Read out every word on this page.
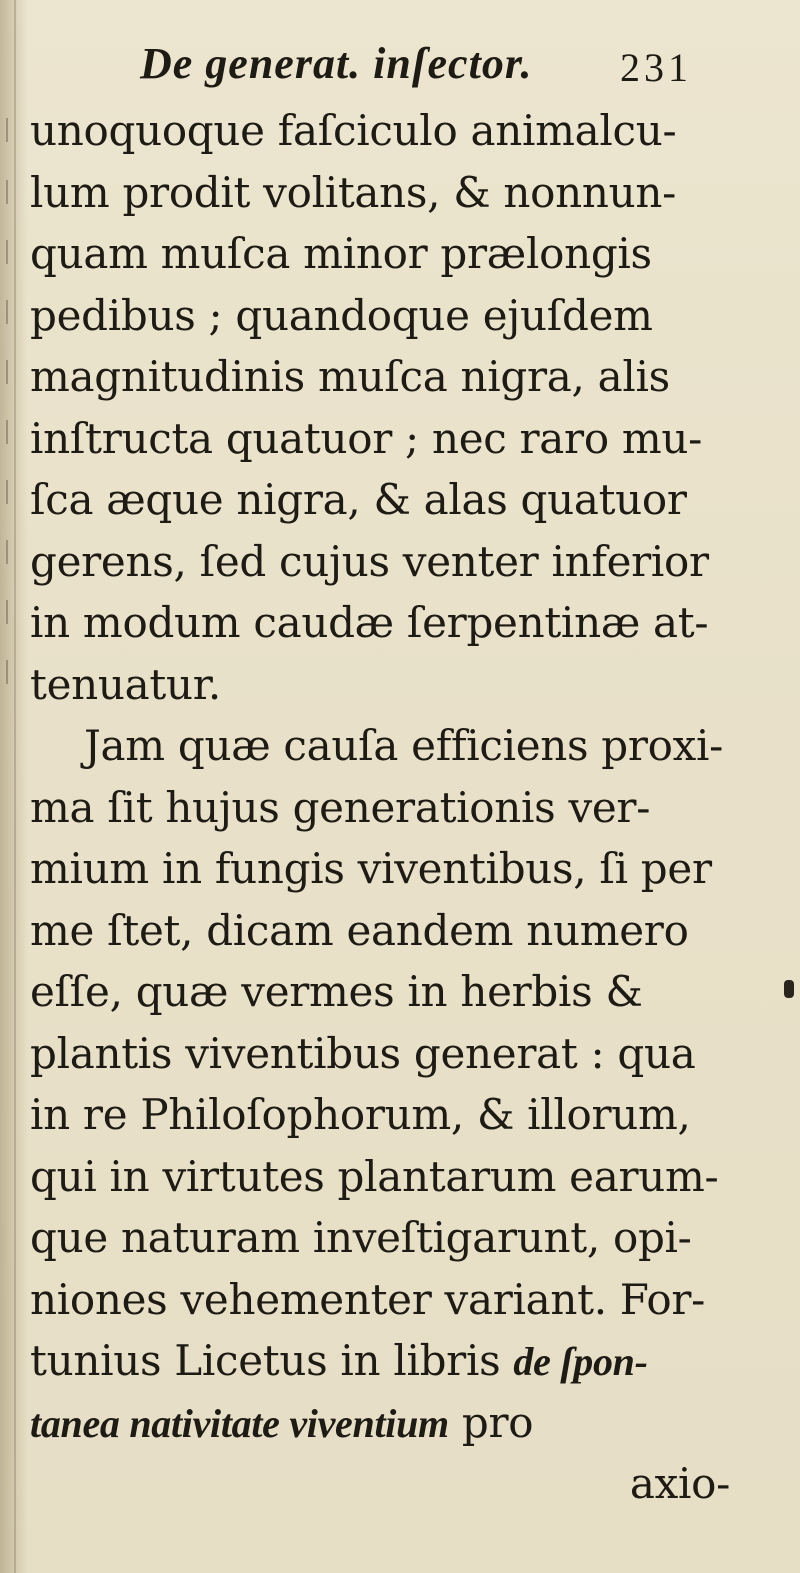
De generat. inſector. 231
unoquoque faſciculo animalcu-
lum prodit volitans, & nonnun-
quam muſca minor prælongis
pedibus ; quandoque ejuſdem
magnitudinis muſca nigra, alis
inſtructa quatuor ; nec raro mu-
ſca æque nigra, & alas quatuor
gerens, ſed cujus venter inferior
in modum caudæ ſerpentinæ at-
tenuatur.
Jam quæ cauſa efficiens proxi-
ma ſit hujus generationis ver-
mium in fungis viventibus, ſi per
me ſtet, dicam eandem numero
eſſe, quæ vermes in herbis &
plantis viventibus generat : qua
in re Philoſophorum, & illorum,
qui in virtutes plantarum earum-
que naturam inveſtigarunt, opi-
niones vehementer variant. For-
tunius Licetus in libris de ſpon-
tanea nativitate viventium pro
axio-
